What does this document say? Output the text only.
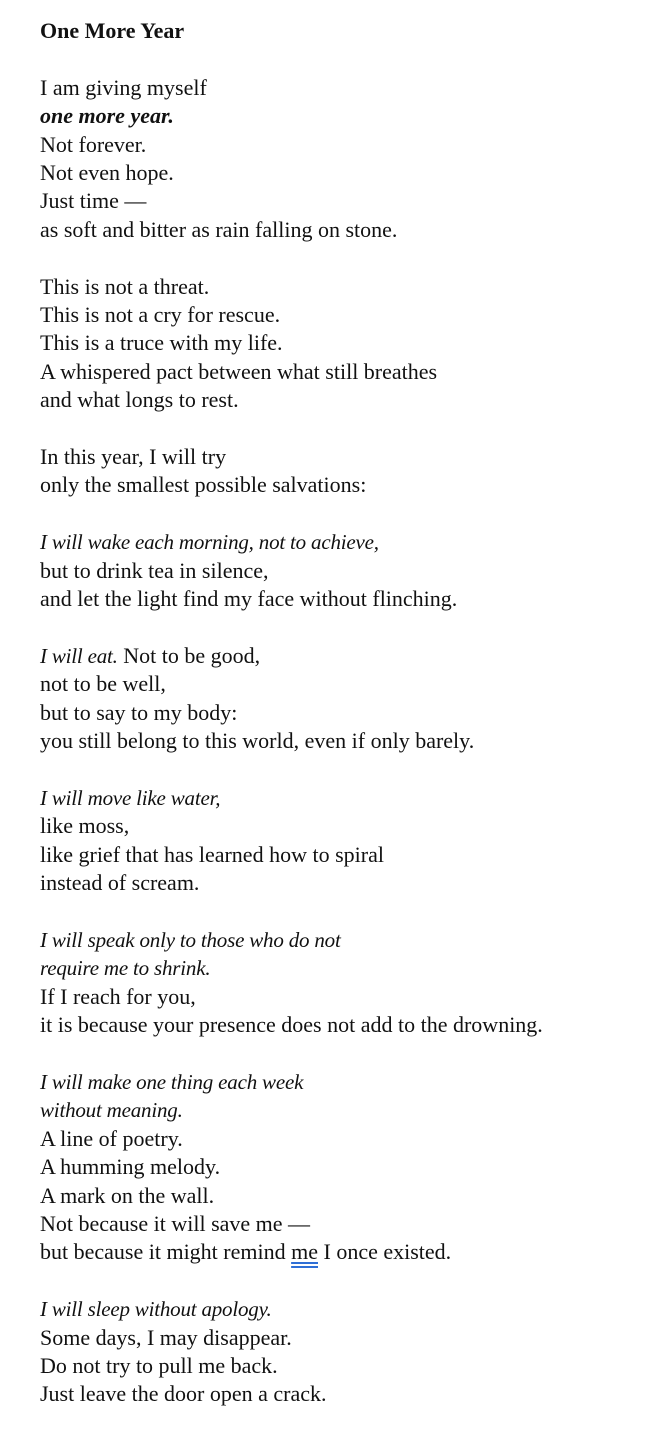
One More Year
I am giving myself
one more year.
Not forever.
Not even hope.
Just time —
as soft and bitter as rain falling on stone.
This is not a threat.
This is not a cry for rescue.
This is a truce with my life.
A whispered pact between what still breathes
and what longs to rest.
In this year, I will try
only the smallest possible salvations:
I will wake each morning, not to achieve,
but to drink tea in silence,
and let the light find my face without flinching.
I will eat. Not to be good,
not to be well,
but to say to my body:
you still belong to this world, even if only barely.
I will move like water,
like moss,
like grief that has learned how to spiral
instead of scream.
I will speak only to those who do not
require me to shrink.
If I reach for you,
it is because your presence does not add to the drowning.
I will make one thing each week
without meaning.
A line of poetry.
A humming melody.
A mark on the wall.
Not because it will save me —
but because it might remind me I once existed.
I will sleep without apology.
Some days, I may disappear.
Do not try to pull me back.
Just leave the door open a crack.
